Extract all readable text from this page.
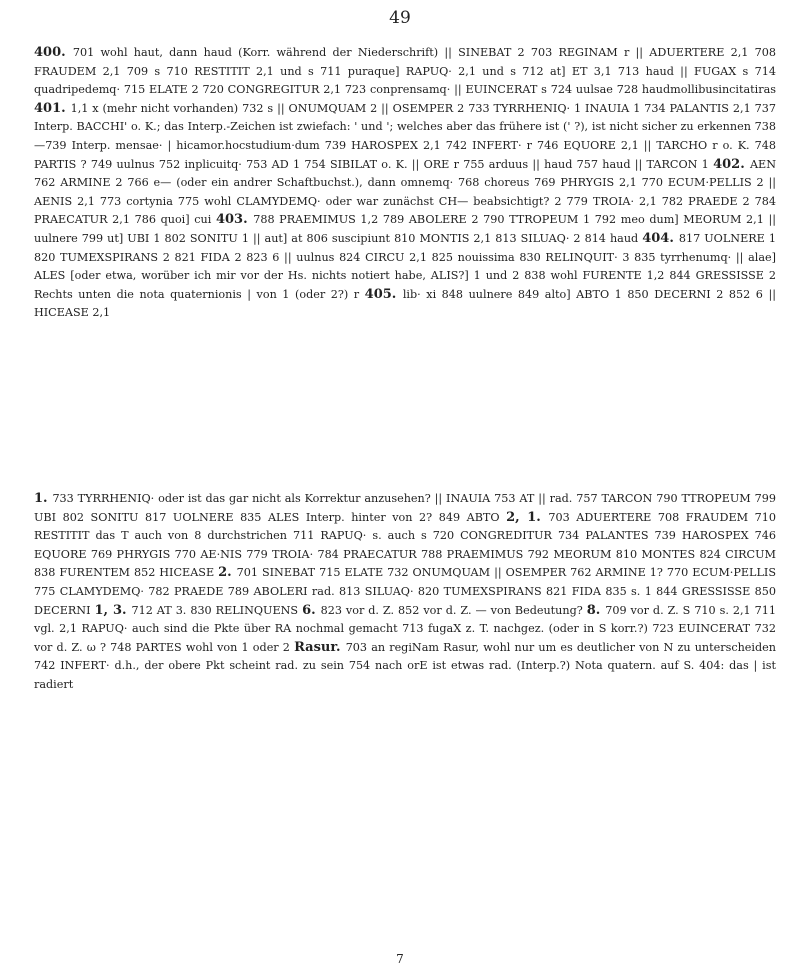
49
400. 701 wohl haut, dann haud (Korr. während der Niederschrift) || SINEBAT 2 703 REGINAM r || ADUERTERE 2,1 708 FRAUDEM 2,1 709 s 710 RESTITIT 2,1 und s 711 puraque] RAPUQ· 2,1 und s 712 at] ET 3,1 713 haud || FUGAX s 714 quadripedemq· 715 ELATE 2 720 CONGREGITUR 2,1 723 conprensamq· || EUINCERAT s 724 uulsae 728 haudmollibusincitatiras 401. 1,1 x (mehr nicht vorhanden) 732 s || ONUMQUAM 2 || OSEMPER 2 733 TYRRHENIQ· 1 INAUIA 1 734 PALANTIS 2,1 737 Interp. BACCHI' o. K.; das Interp.-Zeichen ist zwiefach: ' und '; welches aber das frühere ist (' ?), ist nicht sicher zu erkennen 738—739 Interp. mensae· | hicamor.hocstudium·dum 739 HAROSPEX 2,1 742 INFERT· r 746 EQUORE 2,1 || TARCHO r o. K. 748 PARTIS ? 749 uulnus 752 inplicuitq· 753 AD 1 754 SIBILAT o. K. || ORE r 755 arduus || haud 757 haud || TARCON 1 402. AEN 762 ARMINE 2 766 e— (oder ein andrer Schaftbuchst.), dann omnemq· 768 choreus 769 PHRYGIS 2,1 770 ECUM·PELLIS 2 || AENIS 2,1 773 cortynia 775 wohl CLAMYDEMQ· oder war zunächst CH— beabsichtigt? 2 779 TROIA· 2,1 782 PRAEDE 2 784 PRAECATUR 2,1 786 quoi] cui 403. 788 PRAEMIMUS 1,2 789 ABOLERE 2 790 TTROPEUM 1 792 meo dum] MEORUM 2,1 || uulnere 799 ut] UBI 1 802 SONITU 1 || aut] at 806 suscipiunt 810 MONTIS 2,1 813 SILUAQ· 2 814 haud 404. 817 UOLNERE 1 820 TUMEXSPIRANS 2 821 FIDA 2 823 6 || uulnus 824 CIRCU 2,1 825 nouissima 830 RELINQUIT· 3 835 tyrrhenumq· || alae] ALES [oder etwa, worüber ich mir vor der Hs. nichts notiert habe, ALIS?] 1 und 2 838 wohl FURENTE 1,2 844 GRESSISSE 2 Rechts unten die nota quaternionis | von 1 (oder 2?) r 405. lib· xi 848 uulnere 849 alto] ABTO 1 850 DECERNI 2 852 6 || HICEASE 2,1
1. 733 TYRRHENIQ· oder ist das gar nicht als Korrektur anzusehen? || INAUIA 753 AT || rad. 757 TARCON 790 TTROPEUM 799 UBI 802 SONITU 817 UOLNERE 835 ALES Interp. hinter von 2? 849 ABTO 2, 1. 703 ADUERTERE 708 FRAUDEM 710 RESTITIT das T auch von 8 durchstrichen 711 RAPUQ· s. auch s 720 CONGREDITUR 734 PALANTES 739 HAROSPEX 746 EQUORE 769 PHRYGIS 770 AE·NIS 779 TROIA· 784 PRAECATUR 788 PRAEMIMUS 792 MEORUM 810 MONTES 824 CIRCUM 838 FURENTEM 852 HICEASE 2. 701 SINEBAT 715 ELATE 732 ONUMQUAM || OSEMPER 762 ARMINE 1? 770 ECUM·PELLIS 775 CLAMYDEMQ· 782 PRAEDE 789 ABOLERI rad. 813 SILUAQ· 820 TUMEXSPIRANS 821 FIDA 835 s. 1 844 GRESSISSE 850 DECERNI 1, 3. 712 AT 3. 830 RELINQUENS 6. 823 vor d. Z. 852 vor d. Z. — von Bedeutung? 8. 709 vor d. Z. S 710 s. 2,1 711 vgl. 2,1 RAPUQ· auch sind die Pkte über RA nochmal gemacht 713 fugaX z. T. nachgez. (oder in S korr.?) 723 EUINCERAT 732 vor d. Z. ω ? 748 PARTES wohl von 1 oder 2 Rasur. 703 an regiNam Rasur, wohl nur um es deutlicher von N zu unterscheiden 742 INFERT· d.h., der obere Pkt scheint rad. zu sein 754 nach orE ist etwas rad. (Interp.?) Nota quatern. auf S. 404: das | ist radiert
7
